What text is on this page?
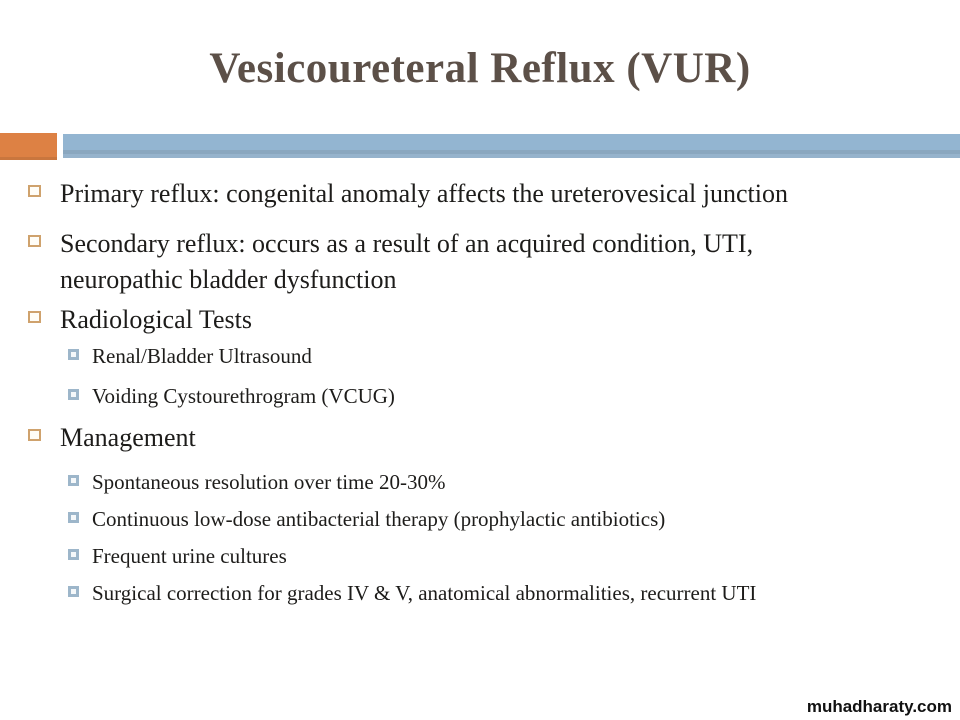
Vesicoureteral Reflux (VUR)
Primary reflux: congenital anomaly affects the ureterovesical junction
Secondary reflux: occurs as a result of an acquired condition, UTI, neuropathic bladder dysfunction
Radiological Tests
Renal/Bladder Ultrasound
Voiding Cystourethrogram (VCUG)
Management
Spontaneous resolution over time 20-30%
Continuous low-dose antibacterial therapy (prophylactic antibiotics)
Frequent urine cultures
Surgical correction for grades IV & V, anatomical abnormalities, recurrent UTI
muhadharaty.com
